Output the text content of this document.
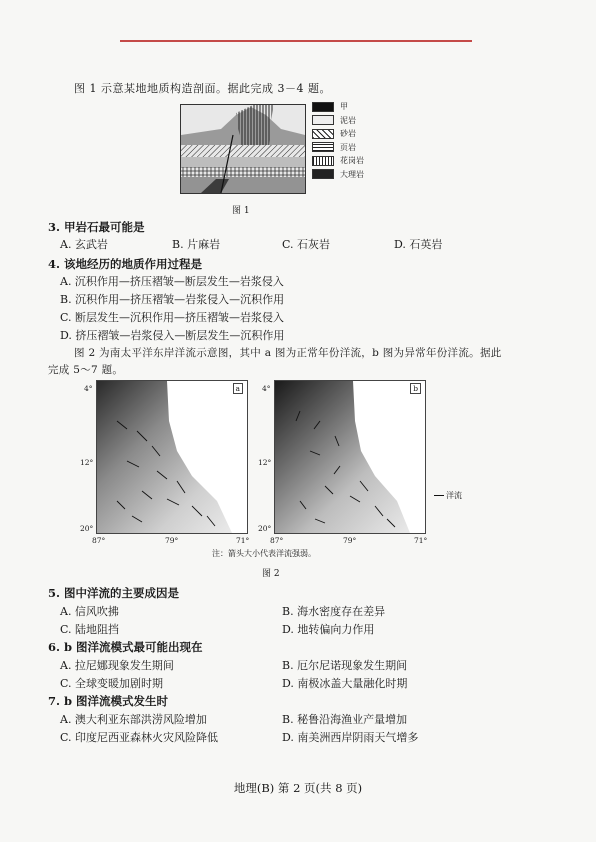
图 1 示意某地地质构造剖面。据此完成 3－4 题。
甲
泥岩
砂岩
页岩
花岗岩
大理岩
图 1
3. 甲岩石最可能是
A. 玄武岩	B. 片麻岩	C. 石灰岩	D. 石英岩
4. 该地经历的地质作用过程是
A. 沉积作用—挤压褶皱—断层发生—岩浆侵入
B. 沉积作用—挤压褶皱—岩浆侵入—沉积作用
C. 断层发生—沉积作用—挤压褶皱—岩浆侵入
D. 挤压褶皱—岩浆侵入—断层发生—沉积作用
图 2 为南太平洋东岸洋流示意图，其中 a 图为正常年份洋流，b 图为异常年份洋流。据此
完成 5～7 题。
a	b
4°
12°
20°
4°
12°
20°
87°	79°	71°	87°	79°	71°
洋流
注：箭头大小代表洋流强弱。
图 2
5. 图中洋流的主要成因是
A. 信风吹拂	B. 海水密度存在差异
C. 陆地阻挡	D. 地转偏向力作用
6. b 图洋流模式最可能出现在
A. 拉尼娜现象发生期间	B. 厄尔尼诺现象发生期间
C. 全球变暖加剧时期	D. 南极冰盖大量融化时期
7. b 图洋流模式发生时
A. 澳大利亚东部洪涝风险增加	B. 秘鲁沿海渔业产量增加
C. 印度尼西亚森林火灾风险降低	D. 南美洲西岸阴雨天气增多
地理(B) 第 2 页(共 8 页)
